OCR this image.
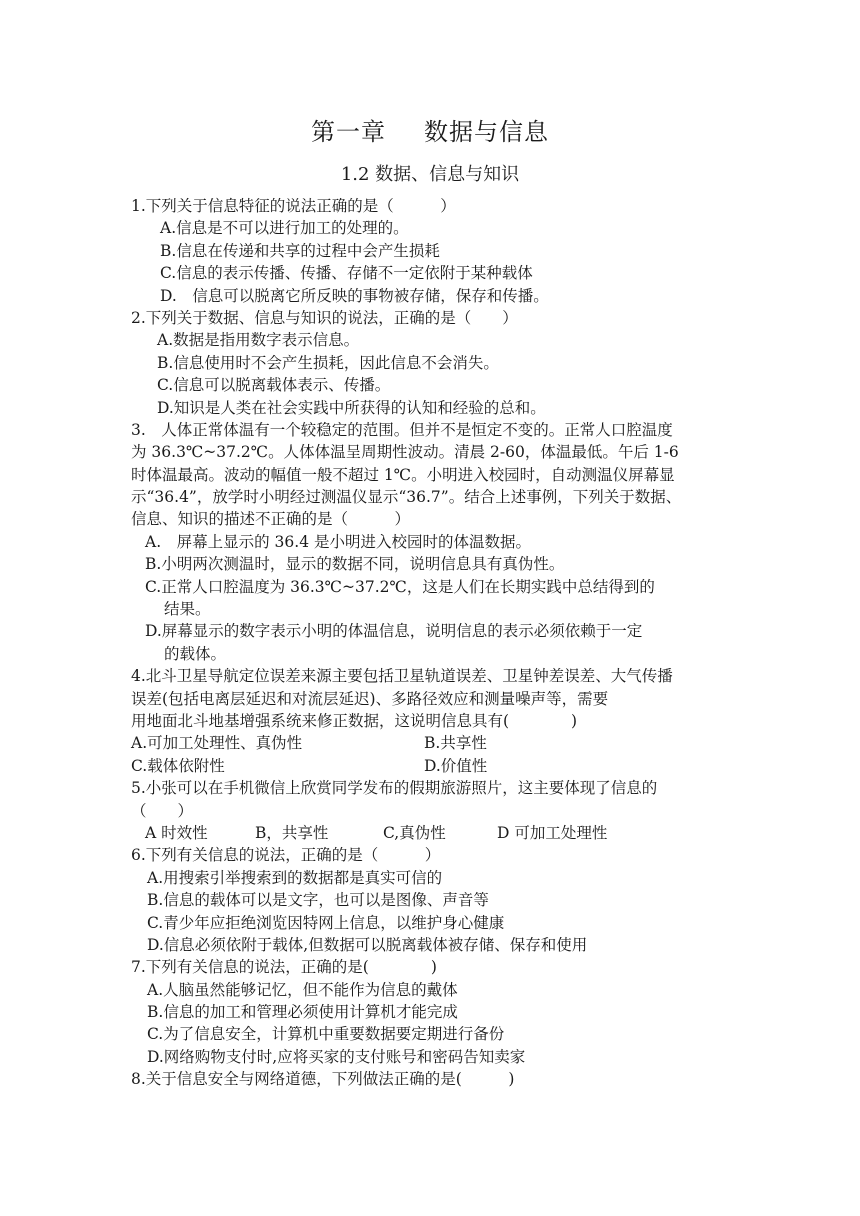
第一章 数据与信息
1.2 数据、信息与知识
1.下列关于信息特征的说法正确的是（　　　）
A.信息是不可以进行加工的处理的。
B.信息在传递和共享的过程中会产生损耗
C.信息的表示传播、传播、存储不一定依附于某种载体
D.　信息可以脱离它所反映的事物被存储，保存和传播。
2.下列关于数据、信息与知识的说法，正确的是（　　）
A.数据是指用数字表示信息。
B.信息使用时不会产生损耗，因此信息不会消失。
C.信息可以脱离载体表示、传播。
D.知识是人类在社会实践中所获得的认知和经验的总和。
3.　人体正常体温有一个较稳定的范围。但并不是恒定不变的。正常人口腔温度
为 36.3℃~37.2℃。人体体温呈周期性波动。清晨 2-60，体温最低。午后 1-6
时体温最高。波动的幅值一般不超过 1℃。小明进入校园时，自动测温仪屏幕显
示“36.4”，放学时小明经过测温仪显示“36.7”。结合上述事例，下列关于数据、
信息、知识的描述不正确的是（　　　）
A.　屏幕上显示的 36.4 是小明进入校园时的体温数据。
B.小明两次测温时，显示的数据不同，说明信息具有真伪性。
C.正常人口腔温度为 36.3℃~37.2℃，这是人们在长期实践中总结得到的
结果。
D.屏幕显示的数字表示小明的体温信息，说明信息的表示必须依赖于一定
的载体。
4.北斗卫星导航定位误差来源主要包括卫星轨道误差、卫星钟差误差、大气传播
误差(包括电离层延迟和对流层延迟)、多路径效应和测量噪声等，需要
用地面北斗地基增强系统来修正数据，这说明信息具有(　　　　)
A.可加工处理性、真伪性	B.共享性
C.载体依附性	D.价值性
5.小张可以在手机微信上欣赏同学发布的假期旅游照片，这主要体现了信息的
（　　）
A 时效性	B，共享性	C,真伪性	D 可加工处理性
6.下列有关信息的说法，正确的是（　　　）
A.用搜索引举搜索到的数据都是真实可信的
B.信息的载体可以是文字，也可以是图像、声音等
C.青少年应拒绝浏览因特网上信息，以维护身心健康
D.信息必须依附于载体,但数据可以脱离载体被存储、保存和使用
7.下列有关信息的说法，正确的是(　　　　)
A.人脑虽然能够记忆，但不能作为信息的戴体
B.信息的加工和管理必须使用计算机才能完成
C.为了信息安全，计算机中重要数据要定期进行备份
D.网络购物支付时,应将买家的支付账号和密码告知卖家
8.关于信息安全与网络道德，下列做法正确的是(　　　)
